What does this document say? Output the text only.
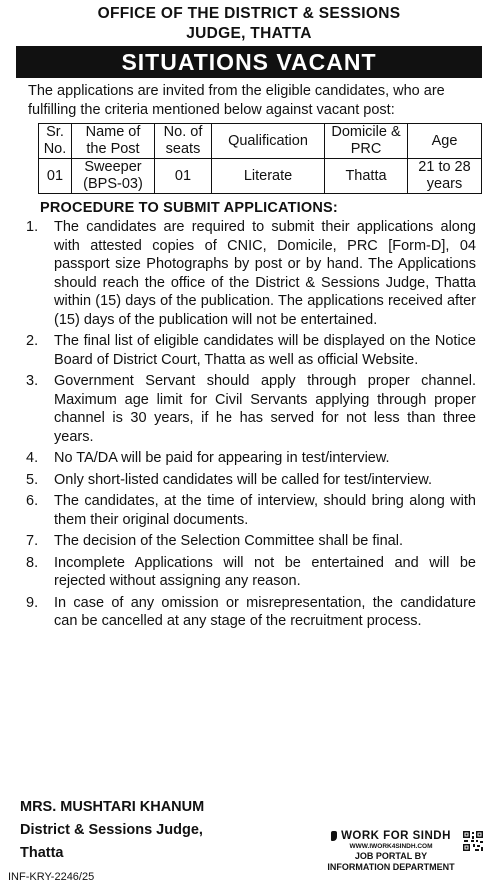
OFFICE OF THE DISTRICT & SESSIONS
JUDGE, THATTA
SITUATIONS VACANT
The applications are invited from the eligible candidates, who are fulfilling the criteria mentioned below against vacant post:
Sr. No.	Name of the Post	No. of seats	Qualification	Domicile & PRC	Age
01	Sweeper (BPS-03)	01	Literate	Thatta	21 to 28 years
PROCEDURE TO SUBMIT APPLICATIONS:
1. The candidates are required to submit their applications along with attested copies of CNIC, Domicile, PRC [Form-D], 04 passport size Photographs by post or by hand. The Applications should reach the office of the District & Sessions Judge, Thatta within (15) days of the publication. The applications received after (15) days of the publication will not be entertained.
2. The final list of eligible candidates will be displayed on the Notice Board of District Court, Thatta as well as official Website.
3. Government Servant should apply through proper channel. Maximum age limit for Civil Servants applying through proper channel is 30 years, if he has served for not less than three years.
4. No TA/DA will be paid for appearing in test/interview.
5. Only short-listed candidates will be called for test/interview.
6. The candidates, at the time of interview, should bring along with them their original documents.
7. The decision of the Selection Committee shall be final.
8. Incomplete Applications will not be entertained and will be rejected without assigning any reason.
9. In case of any omission or misrepresentation, the candidature can be cancelled at any stage of the recruitment process.
MRS. MUSHTARI KHANUM
District & Sessions Judge,
Thatta
INF-KRY-2246/25
WORK FOR SINDH
WWW.IWORK4SINDH.COM
JOB PORTAL BY
INFORMATION DEPARTMENT
